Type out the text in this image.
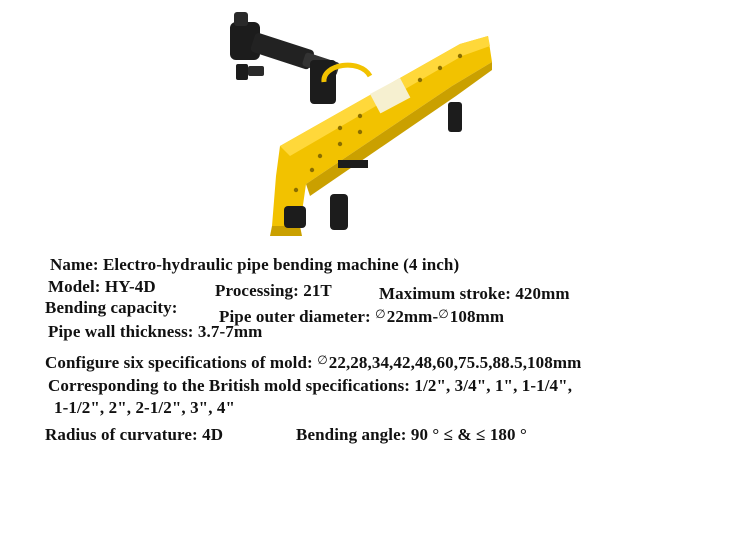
Name: Electro-hydraulic pipe bending machine (4 inch)

Model: HY-4D	Processing: 21T	Maximum stroke: 420mm

Bending capacity: Pipe outer diameter: ∅22mm-∅108mm

Pipe wall thickness: 3.7-7mm

Configure six specifications of mold: ∅22,28,34,42,48,60,75.5,88.5,108mm

Corresponding to the British mold specifications: 1/2", 3/4", 1", 1-1/4",

1-1/2", 2", 2-1/2", 3", 4"

Radius of curvature: 4D	Bending angle: 90 ° ≤ & ≤ 180 °
